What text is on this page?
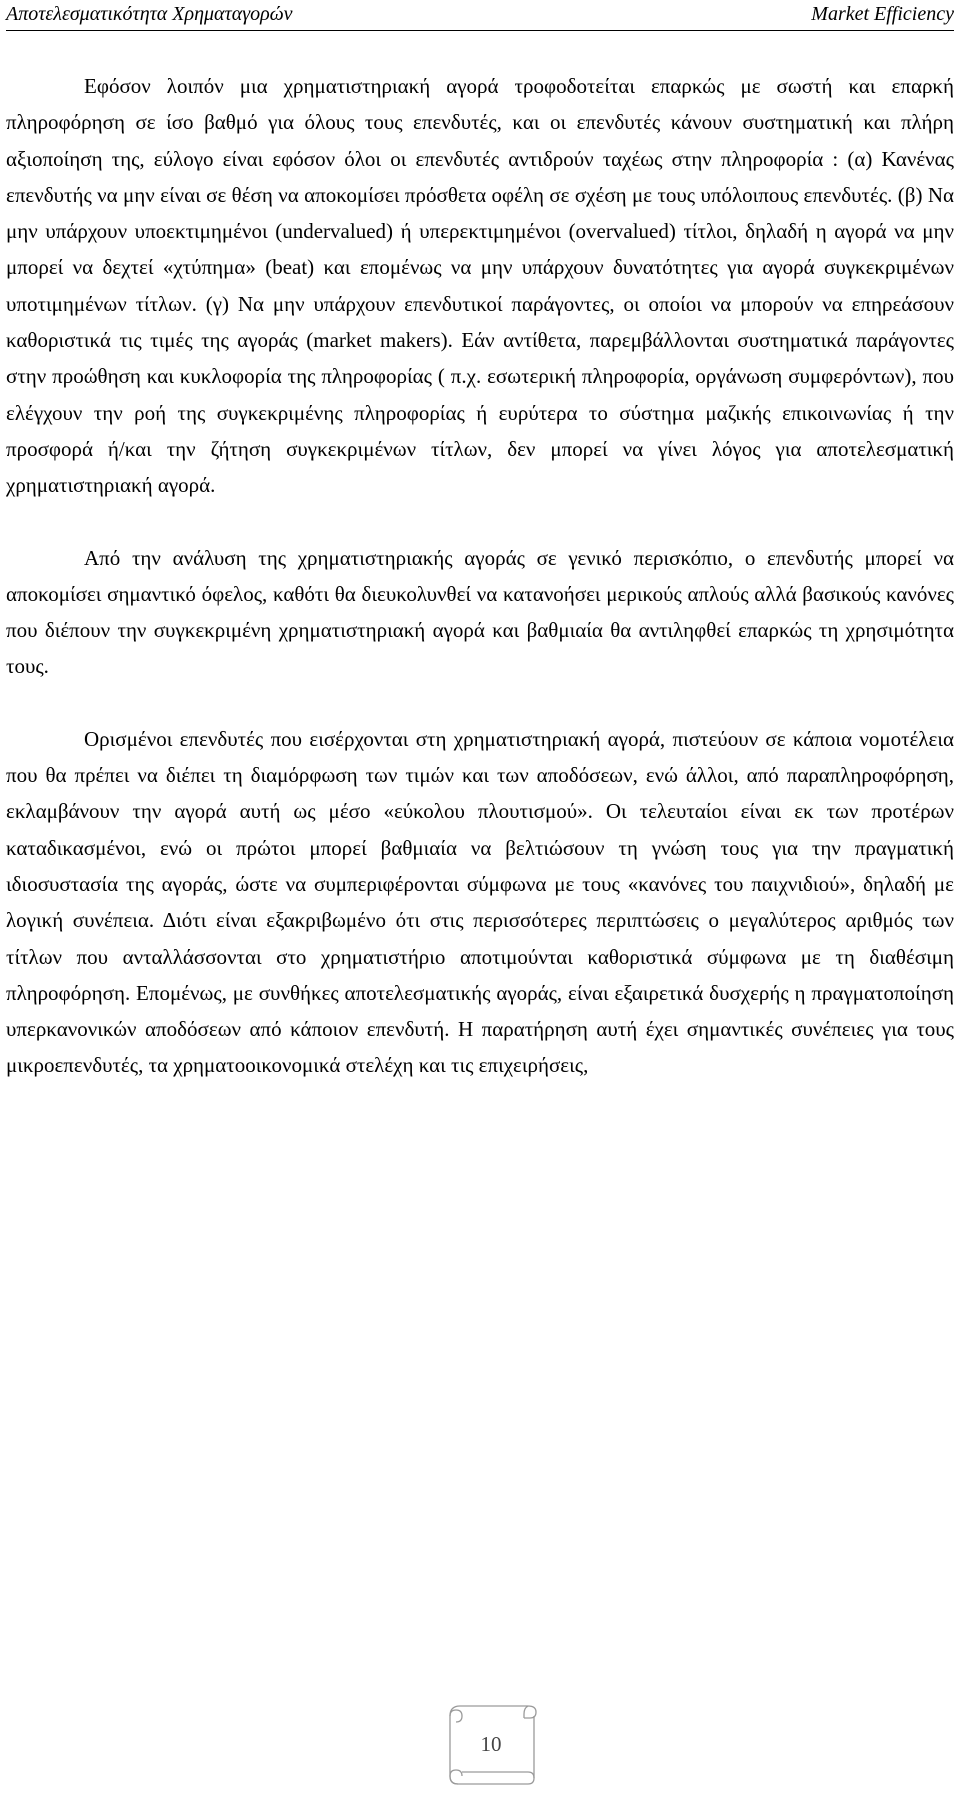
Αποτελεσματικότητα Χρηματαγορών	Market Efficiency

Εφόσον λοιπόν μια χρηματιστηριακή αγορά τροφοδοτείται επαρκώς με σωστή και επαρκή πληροφόρηση σε ίσο βαθμό για όλους τους επενδυτές, και οι επενδυτές κάνουν συστηματική και πλήρη αξιοποίηση της, εύλογο είναι εφόσον όλοι οι επενδυτές αντιδρούν ταχέως στην πληροφορία : (α) Κανένας επενδυτής να μην είναι σε θέση να αποκομίσει πρόσθετα οφέλη σε σχέση με τους υπόλοιπους επενδυτές. (β) Να μην υπάρχουν υποεκτιμημένοι (undervalued) ή υπερεκτιμημένοι (overvalued) τίτλοι, δηλαδή η αγορά να μην μπορεί να δεχτεί «χτύπημα» (beat) και επομένως να μην υπάρχουν δυνατότητες για αγορά συγκεκριμένων υποτιμημένων τίτλων. (γ) Να μην υπάρχουν επενδυτικοί παράγοντες, οι οποίοι να μπορούν να επηρεάσουν καθοριστικά τις τιμές της αγοράς (market makers). Εάν αντίθετα, παρεμβάλλονται συστηματικά παράγοντες στην προώθηση και κυκλοφορία της πληροφορίας ( π.χ. εσωτερική πληροφορία, οργάνωση συμφερόντων), που ελέγχουν την ροή της συγκεκριμένης πληροφορίας ή ευρύτερα το σύστημα μαζικής επικοινωνίας ή την προσφορά ή/και την ζήτηση συγκεκριμένων τίτλων, δεν μπορεί να γίνει λόγος για αποτελεσματική χρηματιστηριακή αγορά.

Από την ανάλυση της χρηματιστηριακής αγοράς σε γενικό περισκόπιο, ο επενδυτής μπορεί να αποκομίσει σημαντικό όφελος, καθότι θα διευκολυνθεί να κατανοήσει μερικούς απλούς αλλά βασικούς κανόνες που διέπουν την συγκεκριμένη χρηματιστηριακή αγορά και βαθμιαία θα αντιληφθεί επαρκώς τη χρησιμότητα τους.

Ορισμένοι επενδυτές που εισέρχονται στη χρηματιστηριακή αγορά, πιστεύουν σε κάποια νομοτέλεια που θα πρέπει να διέπει τη διαμόρφωση των τιμών και των αποδόσεων, ενώ άλλοι, από παραπληροφόρηση, εκλαμβάνουν την αγορά αυτή ως μέσο «εύκολου πλουτισμού». Οι τελευταίοι είναι εκ των προτέρων καταδικασμένοι, ενώ οι πρώτοι μπορεί βαθμιαία να βελτιώσουν τη γνώση τους για την πραγματική ιδιοσυστασία της αγοράς, ώστε να συμπεριφέρονται σύμφωνα με τους «κανόνες του παιχνιδιού», δηλαδή με λογική συνέπεια. Διότι είναι εξακριβωμένο ότι στις περισσότερες περιπτώσεις ο μεγαλύτερος αριθμός των τίτλων που ανταλλάσσονται στο χρηματιστήριο αποτιμούνται καθοριστικά σύμφωνα με τη διαθέσιμη πληροφόρηση. Επομένως, με συνθήκες αποτελεσματικής αγοράς, είναι εξαιρετικά δυσχερής η πραγματοποίηση υπερκανονικών αποδόσεων από κάποιον επενδυτή. Η παρατήρηση αυτή έχει σημαντικές συνέπειες για τους μικροεπενδυτές, τα χρηματοοικονομικά στελέχη και τις επιχειρήσεις,

10
